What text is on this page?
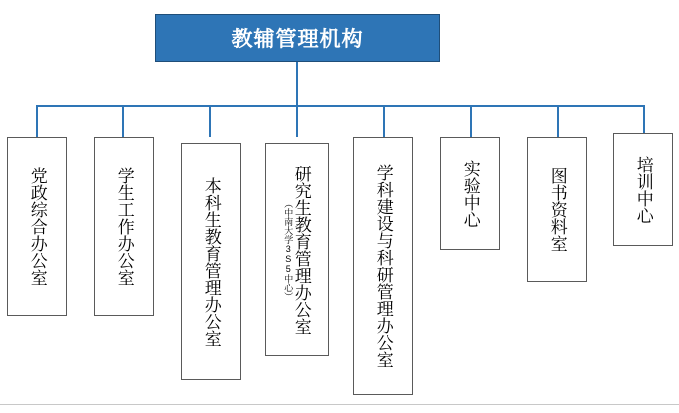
教辅管理机构
党政综合办公室	学生工作办公室	本科生教育管理办公室	研究生教育管理办公室
（中南大学3S5中心）	学科建设与科研管理办公室	实验中心	图书资料室	培训中心
